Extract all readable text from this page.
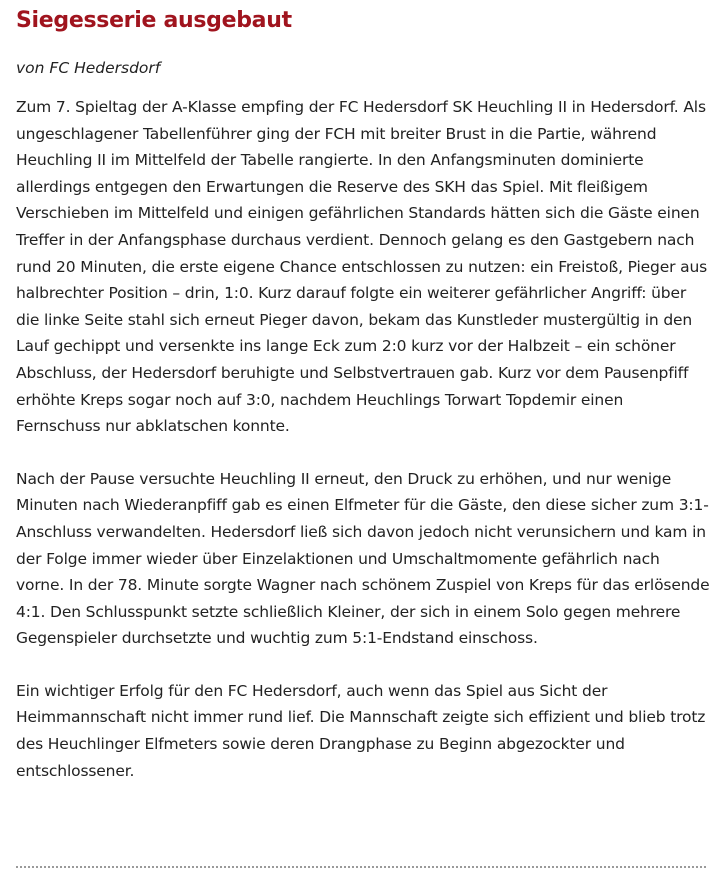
Siegesserie ausgebaut

von FC Hedersdorf

Zum 7. Spieltag der A-Klasse empfing der FC Hedersdorf SK Heuchling II in Hedersdorf. Als ungeschlagener Tabellenführer ging der FCH mit breiter Brust in die Partie, während Heuchling II im Mittelfeld der Tabelle rangierte. In den Anfangsminuten dominierte allerdings entgegen den Erwartungen die Reserve des SKH das Spiel. Mit fleißigem Verschieben im Mittelfeld und einigen gefährlichen Standards hätten sich die Gäste einen Treffer in der Anfangsphase durchaus verdient. Dennoch gelang es den Gastgebern nach rund 20 Minuten, die erste eigene Chance entschlossen zu nutzen: ein Freistoß, Pieger aus halbrechter Position – drin, 1:0. Kurz darauf folgte ein weiterer gefährlicher Angriff: über die linke Seite stahl sich erneut Pieger davon, bekam das Kunstleder mustergültig in den Lauf gechippt und versenkte ins lange Eck zum 2:0 kurz vor der Halbzeit – ein schöner Abschluss, der Hedersdorf beruhigte und Selbstvertrauen gab. Kurz vor dem Pausenpfiff erhöhte Kreps sogar noch auf 3:0, nachdem Heuchlings Torwart Topdemir einen Fernschuss nur abklatschen konnte.

Nach der Pause versuchte Heuchling II erneut, den Druck zu erhöhen, und nur wenige Minuten nach Wiederanpfiff gab es einen Elfmeter für die Gäste, den diese sicher zum 3:1-Anschluss verwandelten. Hedersdorf ließ sich davon jedoch nicht verunsichern und kam in der Folge immer wieder über Einzelaktionen und Umschaltmomente gefährlich nach vorne. In der 78. Minute sorgte Wagner nach schönem Zuspiel von Kreps für das erlösende 4:1. Den Schlusspunkt setzte schließlich Kleiner, der sich in einem Solo gegen mehrere Gegenspieler durchsetzte und wuchtig zum 5:1-Endstand einschoss.

Ein wichtiger Erfolg für den FC Hedersdorf, auch wenn das Spiel aus Sicht der Heimmannschaft nicht immer rund lief. Die Mannschaft zeigte sich effizient und blieb trotz des Heuchlinger Elfmeters sowie deren Drangphase zu Beginn abgezockter und entschlossener.
